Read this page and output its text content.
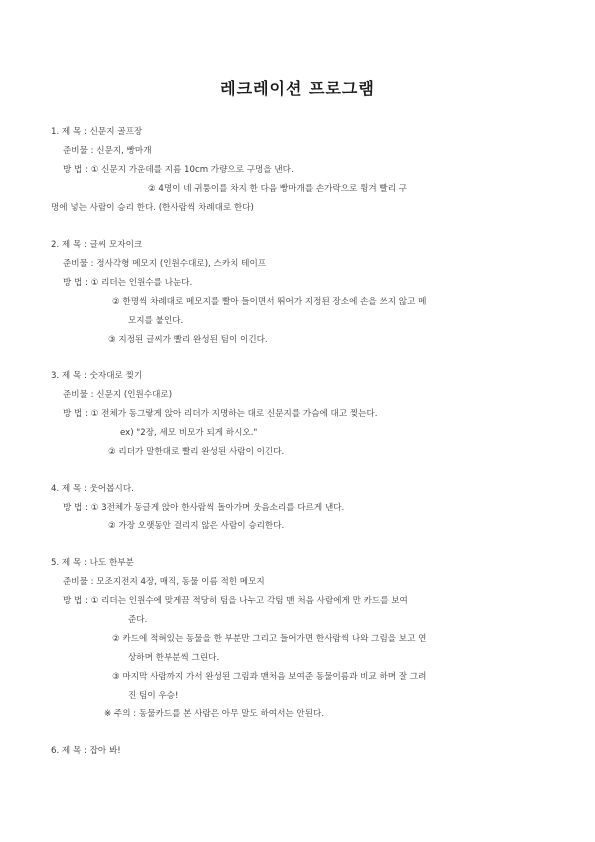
레크레이션 프로그램
1. 제 목 : 신문지 골프장
준비물 : 신문지, 빵마개
방 법 : ① 신문지 가운데를 지름 10cm 가량으로 구멍을 낸다.
② 4명이 네 귀퉁이를 차지 한 다음 빵마개를 손가락으로 튕겨 빨리 구
멍에 넣는 사람이 승리 한다. (한사람씩 차례대로 한다)
2. 제 목 : 글씨 모자이크
준비물 : 정사각형 메모지 (인원수대로), 스카치 테이프
방 법 : ① 리더는 인원수를 나눈다.
② 한명씩 차례대로 메모지를 빨아 들이면서 뛰어가 지정된 장소에 손을 쓰지 않고 메
모지를 붙인다.
③ 지정된 글씨가 빨리 완성된 팀이 이긴다.
3. 제 목 : 숫자대로 찢기
준비물 : 신문지 (인원수대로)
방 법 : ① 전체가 동그랗게 앉아 리더가 지명하는 대로 신문지를 가슴에 대고 찢는다.
ex) "2장, 세모 비모가 되게 하시오."
② 리더가 말한대로 빨리 완성된 사람이 이긴다.
4. 제 목 : 웃어봅시다.
방 법 : ① 3전체가 동글게 앉아 한사람씩 돌아가며 웃음소리를 다르게 낸다.
② 가장 오랫동안 걸리지 않은 사람이 승리한다.
5. 제 목 : 나도 한부분
준비물 : 모조지전지 4장, 매직, 동물 이름 적힌 메모지
방 법 : ① 리더는 인원수에 맞게끔 적당히 팀을 나누고 각팀 맨 처음 사람에게 만 카드를 보여
준다.
② 카드에 적혀있는 동물을 한 부분만 그리고 들어가면 한사람씩 나와 그림을 보고 연
상하며 한부분씩 그린다.
③ 마지막 사람까지 가서 완성된 그림과 맨처음 보여준 동물이름과 비교 하며 잘 그려
진 팀이 우승!
※ 주의 : 동물카드를 본 사람은 아무 말도 하여서는 안된다.
6. 제 목 : 잡아 봐!
